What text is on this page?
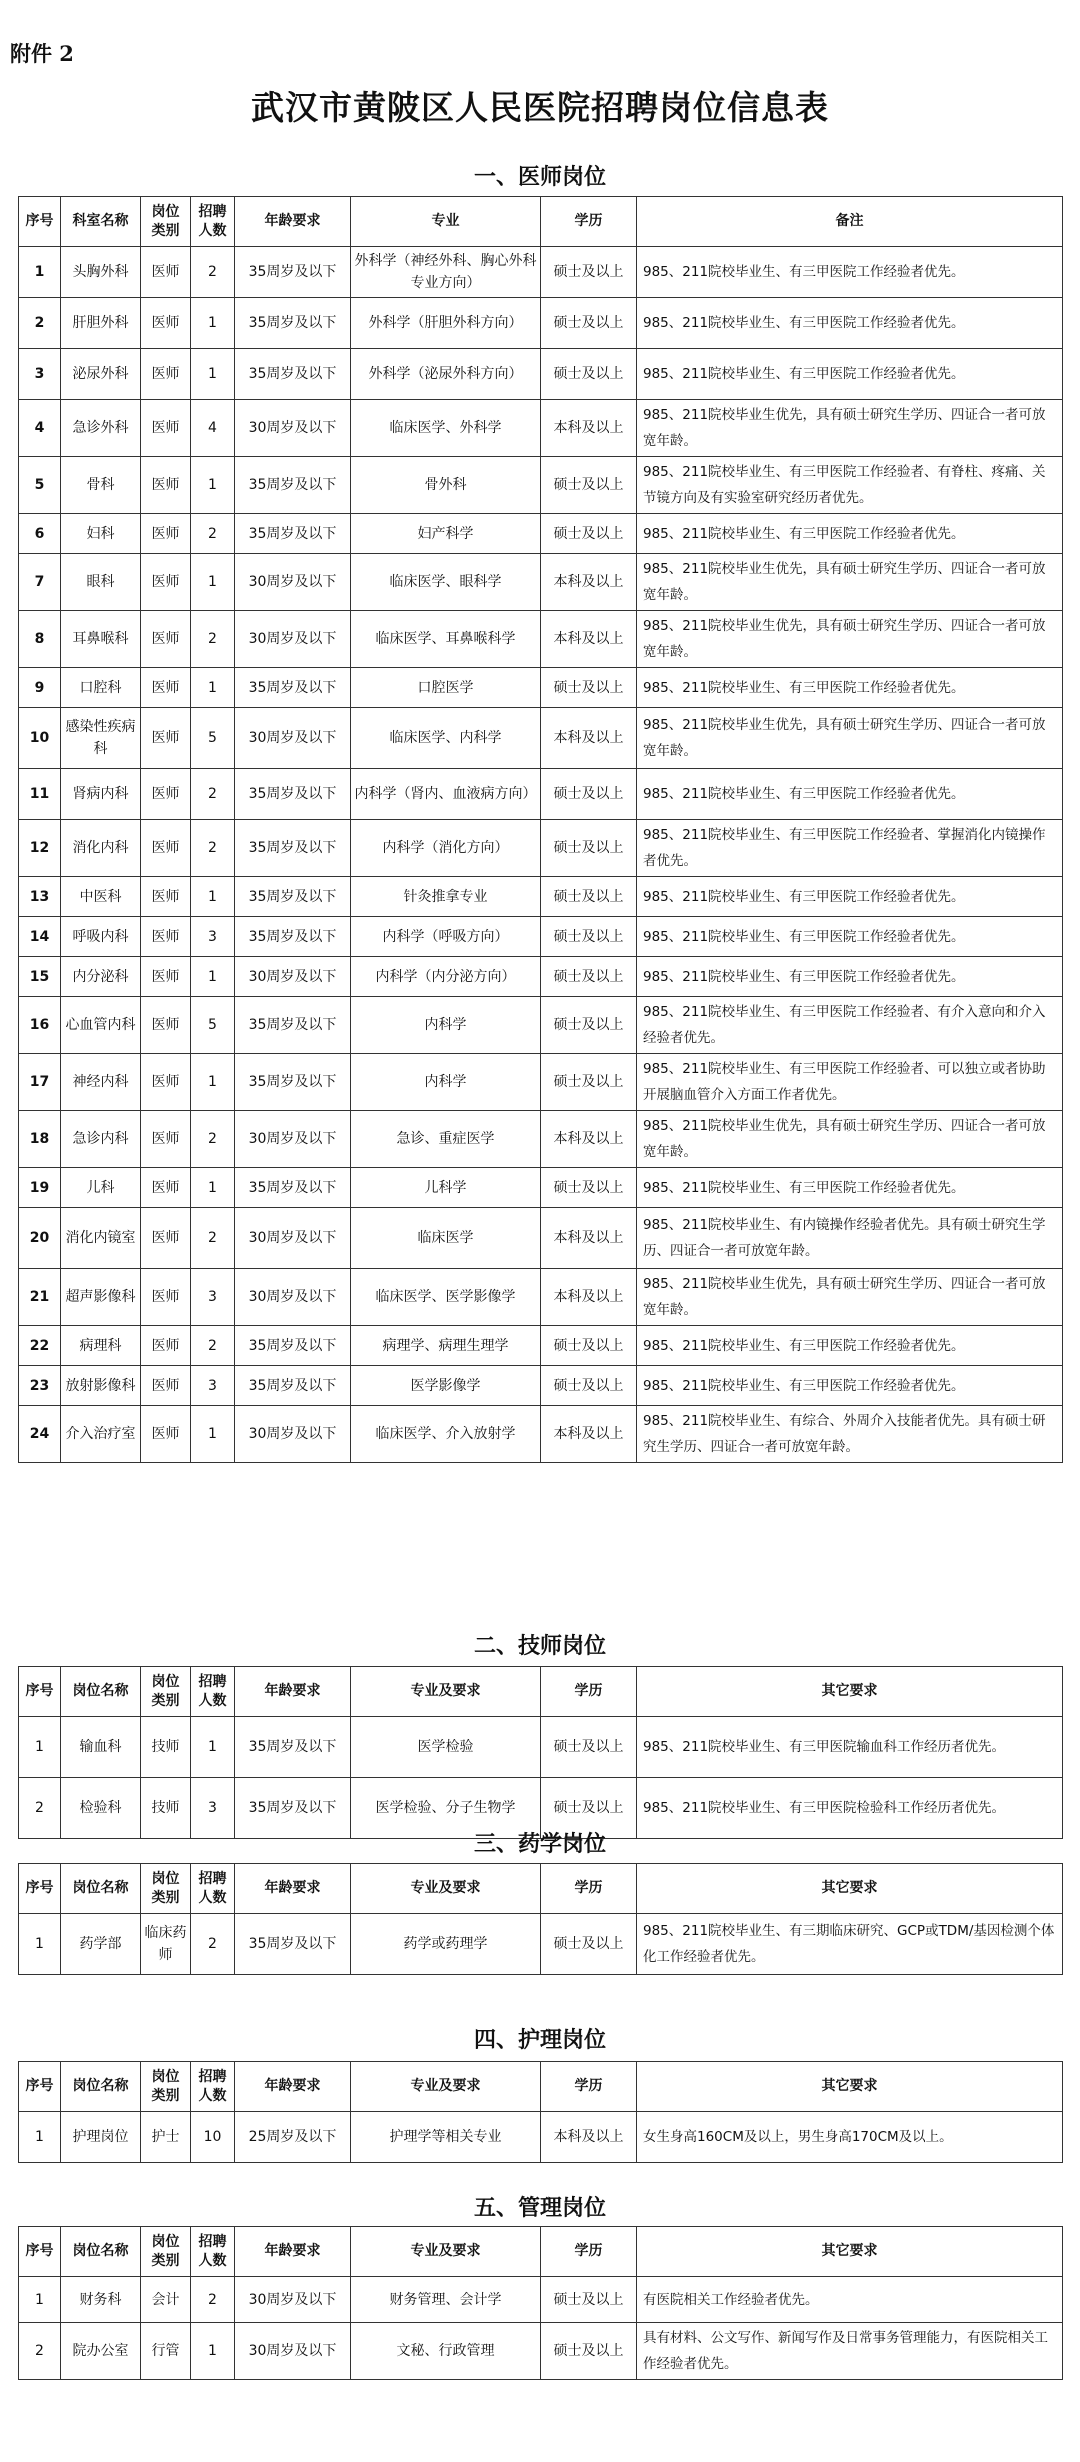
附件 2
武汉市黄陂区人民医院招聘岗位信息表
一、医师岗位
序号	科室名称	岗位类别	招聘人数	年龄要求	专业	学历	备注
1	头胸外科	医师	2	35周岁及以下	外科学（神经外科、胸心外科专业方向）	硕士及以上	985、211院校毕业生、有三甲医院工作经验者优先。
2	肝胆外科	医师	1	35周岁及以下	外科学（肝胆外科方向）	硕士及以上	985、211院校毕业生、有三甲医院工作经验者优先。
3	泌尿外科	医师	1	35周岁及以下	外科学（泌尿外科方向）	硕士及以上	985、211院校毕业生、有三甲医院工作经验者优先。
4	急诊外科	医师	4	30周岁及以下	临床医学、外科学	本科及以上	985、211院校毕业生优先，具有硕士研究生学历、四证合一者可放宽年龄。
5	骨科	医师	1	35周岁及以下	骨外科	硕士及以上	985、211院校毕业生、有三甲医院工作经验者、有脊柱、疼痛、关节镜方向及有实验室研究经历者优先。
6	妇科	医师	2	35周岁及以下	妇产科学	硕士及以上	985、211院校毕业生、有三甲医院工作经验者优先。
7	眼科	医师	1	30周岁及以下	临床医学、眼科学	本科及以上	985、211院校毕业生优先，具有硕士研究生学历、四证合一者可放宽年龄。
8	耳鼻喉科	医师	2	30周岁及以下	临床医学、耳鼻喉科学	本科及以上	985、211院校毕业生优先，具有硕士研究生学历、四证合一者可放宽年龄。
9	口腔科	医师	1	35周岁及以下	口腔医学	硕士及以上	985、211院校毕业生、有三甲医院工作经验者优先。
10	感染性疾病科	医师	5	30周岁及以下	临床医学、内科学	本科及以上	985、211院校毕业生优先，具有硕士研究生学历、四证合一者可放宽年龄。
11	肾病内科	医师	2	35周岁及以下	内科学（肾内、血液病方向）	硕士及以上	985、211院校毕业生、有三甲医院工作经验者优先。
12	消化内科	医师	2	35周岁及以下	内科学（消化方向）	硕士及以上	985、211院校毕业生、有三甲医院工作经验者、掌握消化内镜操作者优先。
13	中医科	医师	1	35周岁及以下	针灸推拿专业	硕士及以上	985、211院校毕业生、有三甲医院工作经验者优先。
14	呼吸内科	医师	3	35周岁及以下	内科学（呼吸方向）	硕士及以上	985、211院校毕业生、有三甲医院工作经验者优先。
15	内分泌科	医师	1	30周岁及以下	内科学（内分泌方向）	硕士及以上	985、211院校毕业生、有三甲医院工作经验者优先。
16	心血管内科	医师	5	35周岁及以下	内科学	硕士及以上	985、211院校毕业生、有三甲医院工作经验者、有介入意向和介入经验者优先。
17	神经内科	医师	1	35周岁及以下	内科学	硕士及以上	985、211院校毕业生、有三甲医院工作经验者、可以独立或者协助开展脑血管介入方面工作者优先。
18	急诊内科	医师	2	30周岁及以下	急诊、重症医学	本科及以上	985、211院校毕业生优先，具有硕士研究生学历、四证合一者可放宽年龄。
19	儿科	医师	1	35周岁及以下	儿科学	硕士及以上	985、211院校毕业生、有三甲医院工作经验者优先。
20	消化内镜室	医师	2	30周岁及以下	临床医学	本科及以上	985、211院校毕业生、有内镜操作经验者优先。具有硕士研究生学历、四证合一者可放宽年龄。
21	超声影像科	医师	3	30周岁及以下	临床医学、医学影像学	本科及以上	985、211院校毕业生优先，具有硕士研究生学历、四证合一者可放宽年龄。
22	病理科	医师	2	35周岁及以下	病理学、病理生理学	硕士及以上	985、211院校毕业生、有三甲医院工作经验者优先。
23	放射影像科	医师	3	35周岁及以下	医学影像学	硕士及以上	985、211院校毕业生、有三甲医院工作经验者优先。
24	介入治疗室	医师	1	30周岁及以下	临床医学、介入放射学	本科及以上	985、211院校毕业生、有综合、外周介入技能者优先。具有硕士研究生学历、四证合一者可放宽年龄。
二、技师岗位
序号	岗位名称	岗位类别	招聘人数	年龄要求	专业及要求	学历	其它要求
1	输血科	技师	1	35周岁及以下	医学检验	硕士及以上	985、211院校毕业生、有三甲医院输血科工作经历者优先。
2	检验科	技师	3	35周岁及以下	医学检验、分子生物学	硕士及以上	985、211院校毕业生、有三甲医院检验科工作经历者优先。
三、药学岗位
序号	岗位名称	岗位类别	招聘人数	年龄要求	专业及要求	学历	其它要求
1	药学部	临床药师	2	35周岁及以下	药学或药理学	硕士及以上	985、211院校毕业生、有三期临床研究、GCP或TDM/基因检测个体化工作经验者优先。
四、护理岗位
序号	岗位名称	岗位类别	招聘人数	年龄要求	专业及要求	学历	其它要求
1	护理岗位	护士	10	25周岁及以下	护理学等相关专业	本科及以上	女生身高160CM及以上，男生身高170CM及以上。
五、管理岗位
序号	岗位名称	岗位类别	招聘人数	年龄要求	专业及要求	学历	其它要求
1	财务科	会计	2	30周岁及以下	财务管理、会计学	硕士及以上	有医院相关工作经验者优先。
2	院办公室	行管	1	30周岁及以下	文秘、行政管理	硕士及以上	具有材料、公文写作、新闻写作及日常事务管理能力，有医院相关工作经验者优先。
